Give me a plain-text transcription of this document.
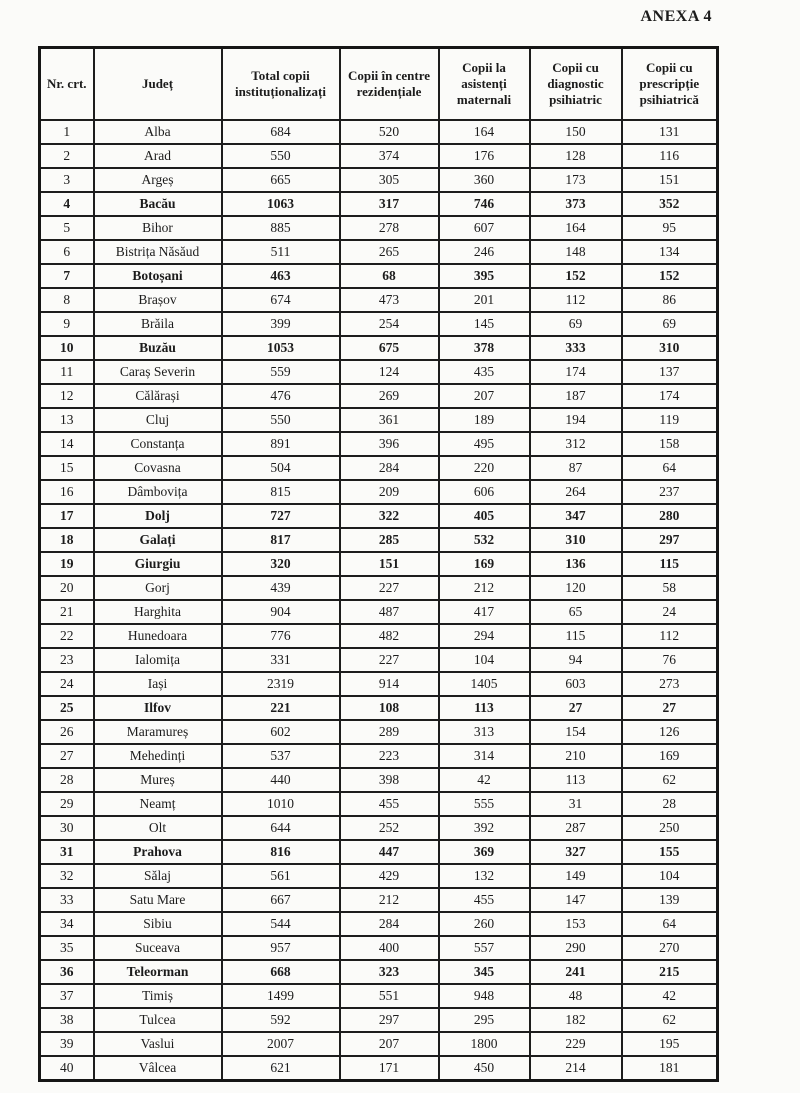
ANEXA 4
Nr. crt.	Județ	Total copii instituționalizați	Copii în centre rezidențiale	Copii la asistenți maternali	Copii cu diagnostic psihiatric	Copii cu prescripție psihiatrică
1	Alba	684	520	164	150	131
2	Arad	550	374	176	128	116
3	Argeș	665	305	360	173	151
4	Bacău	1063	317	746	373	352
5	Bihor	885	278	607	164	95
6	Bistrița Năsăud	511	265	246	148	134
7	Botoșani	463	68	395	152	152
8	Brașov	674	473	201	112	86
9	Brăila	399	254	145	69	69
10	Buzău	1053	675	378	333	310
11	Caraș Severin	559	124	435	174	137
12	Călărași	476	269	207	187	174
13	Cluj	550	361	189	194	119
14	Constanța	891	396	495	312	158
15	Covasna	504	284	220	87	64
16	Dâmbovița	815	209	606	264	237
17	Dolj	727	322	405	347	280
18	Galați	817	285	532	310	297
19	Giurgiu	320	151	169	136	115
20	Gorj	439	227	212	120	58
21	Harghita	904	487	417	65	24
22	Hunedoara	776	482	294	115	112
23	Ialomița	331	227	104	94	76
24	Iași	2319	914	1405	603	273
25	Ilfov	221	108	113	27	27
26	Maramureș	602	289	313	154	126
27	Mehedinți	537	223	314	210	169
28	Mureș	440	398	42	113	62
29	Neamț	1010	455	555	31	28
30	Olt	644	252	392	287	250
31	Prahova	816	447	369	327	155
32	Sălaj	561	429	132	149	104
33	Satu Mare	667	212	455	147	139
34	Sibiu	544	284	260	153	64
35	Suceava	957	400	557	290	270
36	Teleorman	668	323	345	241	215
37	Timiș	1499	551	948	48	42
38	Tulcea	592	297	295	182	62
39	Vaslui	2007	207	1800	229	195
40	Vâlcea	621	171	450	214	181
